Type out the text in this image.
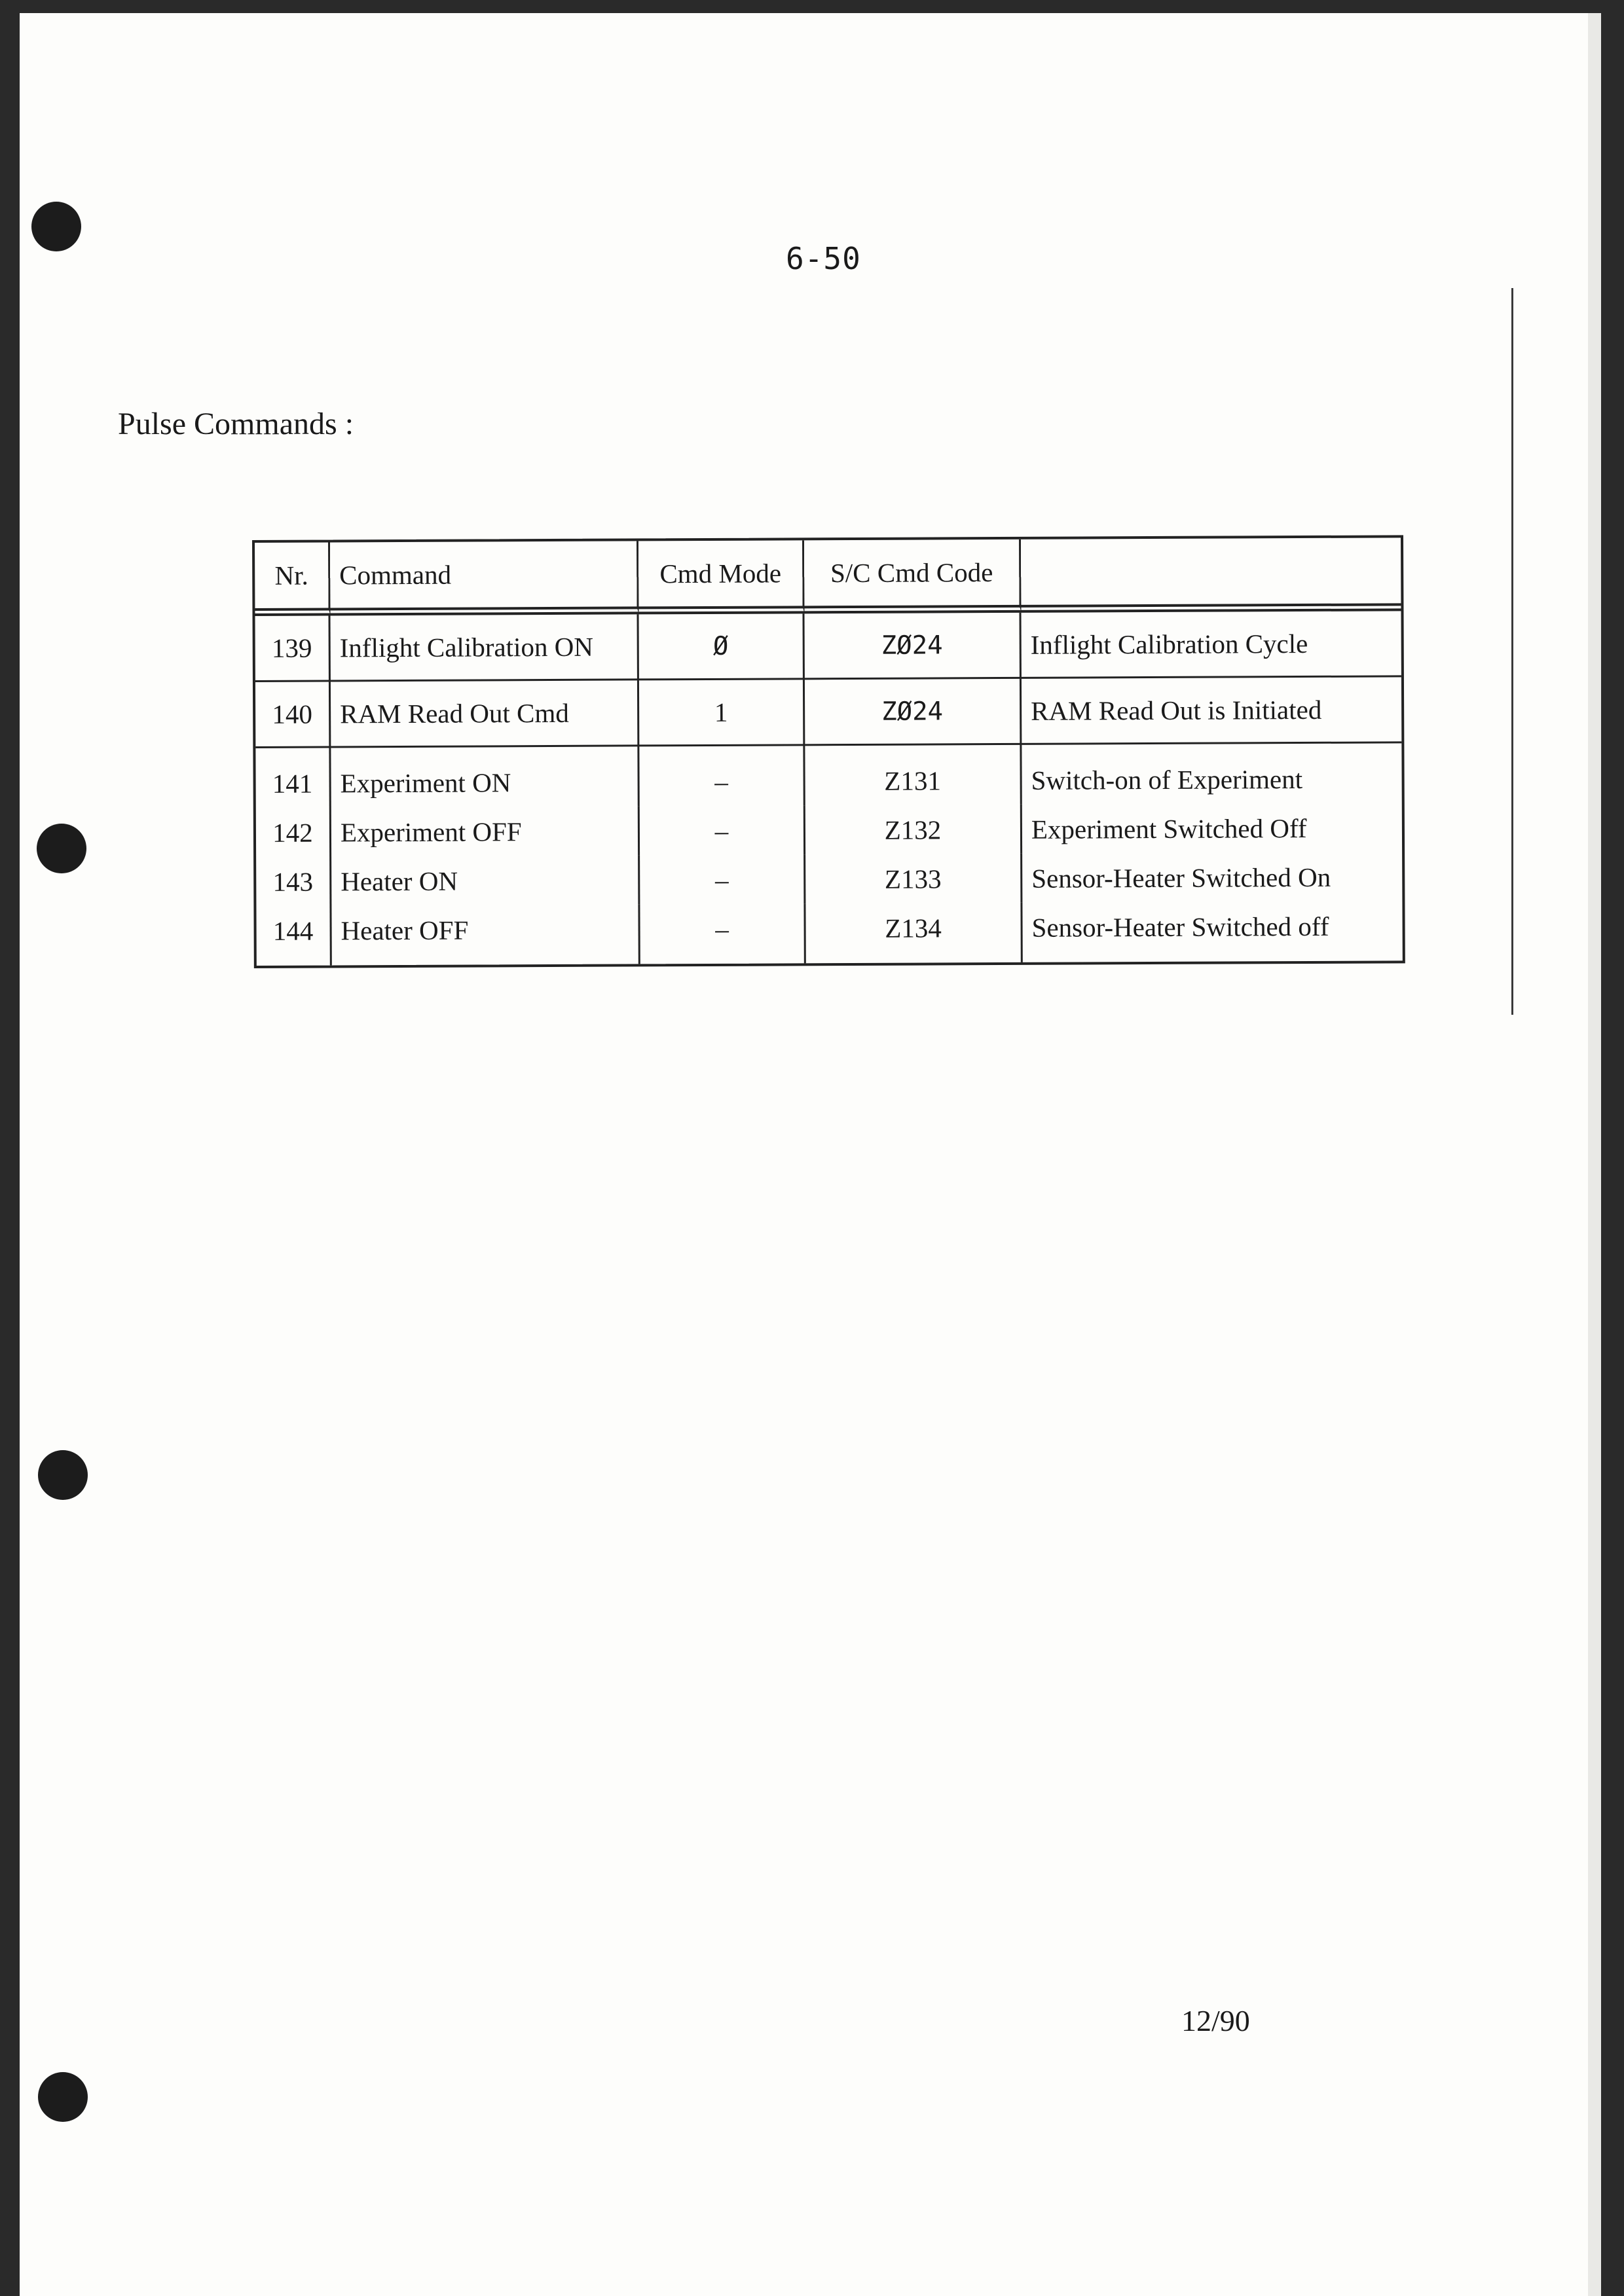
6-50
Pulse Commands :
Nr.	Command	Cmd Mode	S/C Cmd Code	
139	Inflight Calibration ON	Ø	ZØ24	Inflight Calibration Cycle
140	RAM Read Out Cmd	1	ZØ24	RAM Read Out is Initiated
141	Experiment ON	–	Z131	Switch-on of Experiment
142	Experiment OFF	–	Z132	Experiment Switched Off
143	Heater ON	–	Z133	Sensor-Heater Switched On
144	Heater OFF	–	Z134	Sensor-Heater Switched off
12/90
